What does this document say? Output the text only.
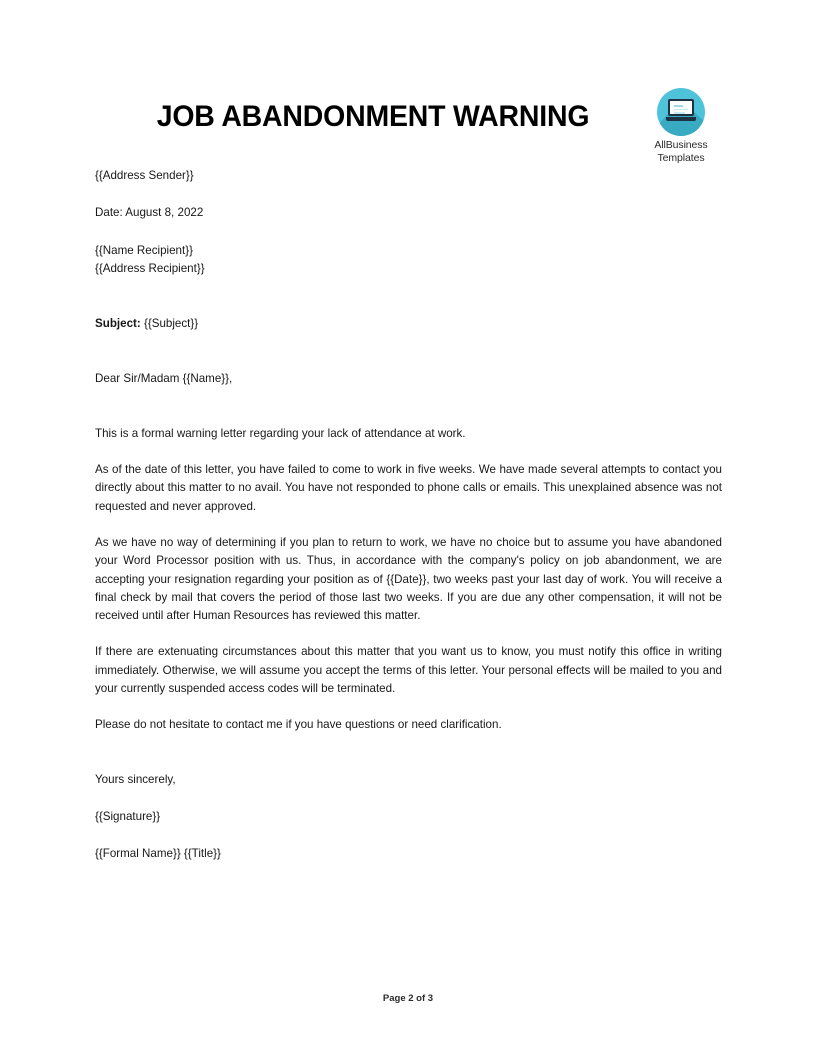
JOB ABANDONMENT WARNING
AllBusiness
Templates
{{Address Sender}}
Date: August 8, 2022
{{Name Recipient}}
{{Address Recipient}}
Subject: {{Subject}}
Dear Sir/Madam {{Name}},

This is a formal warning letter regarding your lack of attendance at work.

As of the date of this letter, you have failed to come to work in five weeks. We have made several attempts to contact you directly about this matter to no avail. You have not responded to phone calls or emails. This unexplained absence was not requested and never approved.

As we have no way of determining if you plan to return to work, we have no choice but to assume you have abandoned your Word Processor position with us. Thus, in accordance with the company's policy on job abandonment, we are accepting your resignation regarding your position as of {{Date}}, two weeks past your last day of work. You will receive a final check by mail that covers the period of those last two weeks. If you are due any other compensation, it will not be received until after Human Resources has reviewed this matter.

If there are extenuating circumstances about this matter that you want us to know, you must notify this office in writing immediately. Otherwise, we will assume you accept the terms of this letter. Your personal effects will be mailed to you and your currently suspended access codes will be terminated.

Please do not hesitate to contact me if you have questions or need clarification.

Yours sincerely,
{{Signature}}
{{Formal Name}} {{Title}}
Page 2 of 3
